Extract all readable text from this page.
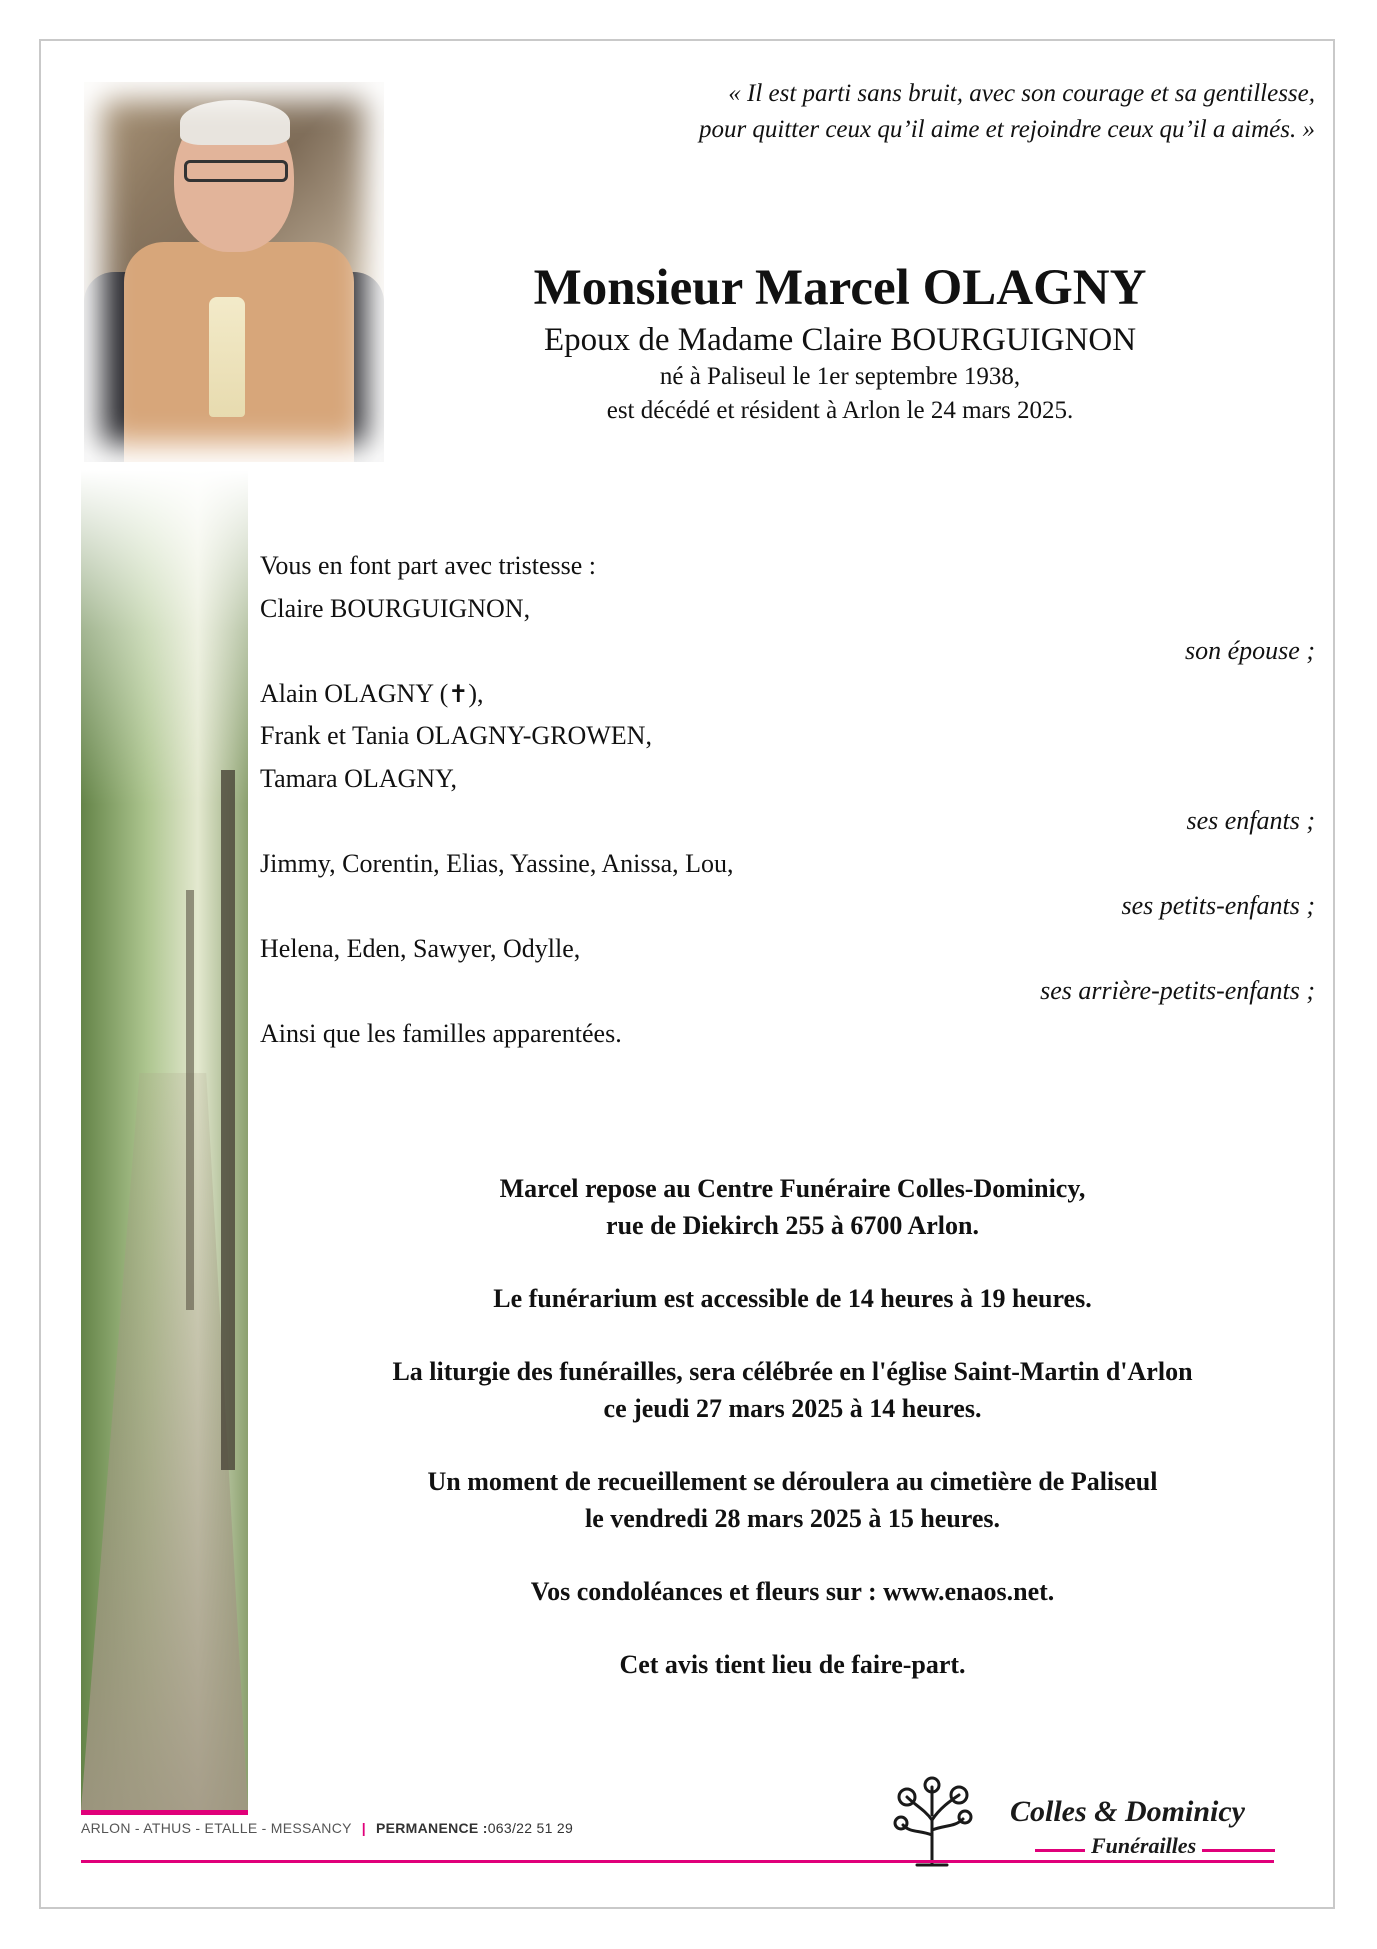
« Il est parti sans bruit, avec son courage et sa gentillesse,
pour quitter ceux qu’il aime et rejoindre ceux qu’il a aimés. »
Monsieur Marcel OLAGNY
Epoux de Madame Claire BOURGUIGNON
né à Paliseul le 1er septembre 1938,
est décédé et résident à Arlon le 24 mars 2025.
Vous en font part avec tristesse :
Claire BOURGUIGNON,
son épouse ;
Alain OLAGNY (✝),
Frank et Tania OLAGNY-GROWEN,
Tamara OLAGNY,
ses enfants ;
Jimmy, Corentin, Elias, Yassine, Anissa, Lou,
ses petits-enfants ;
Helena, Eden, Sawyer, Odylle,
ses arrière-petits-enfants ;
Ainsi que les familles apparentées.
Marcel repose au Centre Funéraire Colles-Dominicy,
rue de Diekirch 255 à 6700 Arlon.
Le funérarium est accessible de 14 heures à 19 heures.
La liturgie des funérailles, sera célébrée en l'église Saint-Martin d'Arlon
ce jeudi 27 mars 2025 à 14 heures.
Un moment de recueillement se déroulera au cimetière de Paliseul
le vendredi 28 mars 2025 à 15 heures.
Vos condoléances et fleurs sur : www.enaos.net.
Cet avis tient lieu de faire-part.
ARLON - ATHUS - ETALLE - MESSANCY | PERMANENCE :063/22 51 29	Colles & Dominicy
Funérailles
